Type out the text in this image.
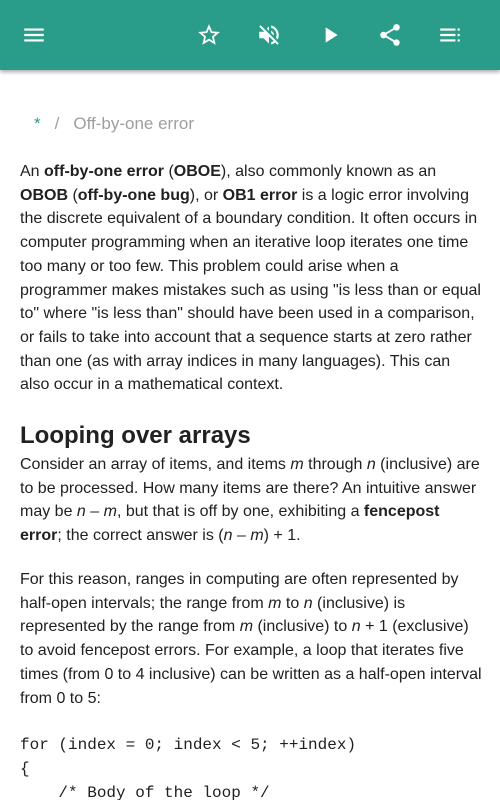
* / Off-by-one error

An off-by-one error (OBOE), also commonly known as an OBOB (off-by-one bug), or OB1 error is a logic error involving the discrete equivalent of a boundary condition. It often occurs in computer programming when an iterative loop iterates one time too many or too few. This problem could arise when a programmer makes mistakes such as using "is less than or equal to" where "is less than" should have been used in a comparison, or fails to take into account that a sequence starts at zero rather than one (as with array indices in many languages). This can also occur in a mathematical context.

Looping over arrays

Consider an array of items, and items m through n (inclusive) are to be processed. How many items are there? An intuitive answer may be n – m, but that is off by one, exhibiting a fencepost error; the correct answer is (n – m) + 1.

For this reason, ranges in computing are often represented by half-open intervals; the range from m to n (inclusive) is represented by the range from m (inclusive) to n + 1 (exclusive) to avoid fencepost errors. For example, a loop that iterates five times (from 0 to 4 inclusive) can be written as a half-open interval from 0 to 5:

for (index = 0; index < 5; ++index)
{
/* Body of the loop */
